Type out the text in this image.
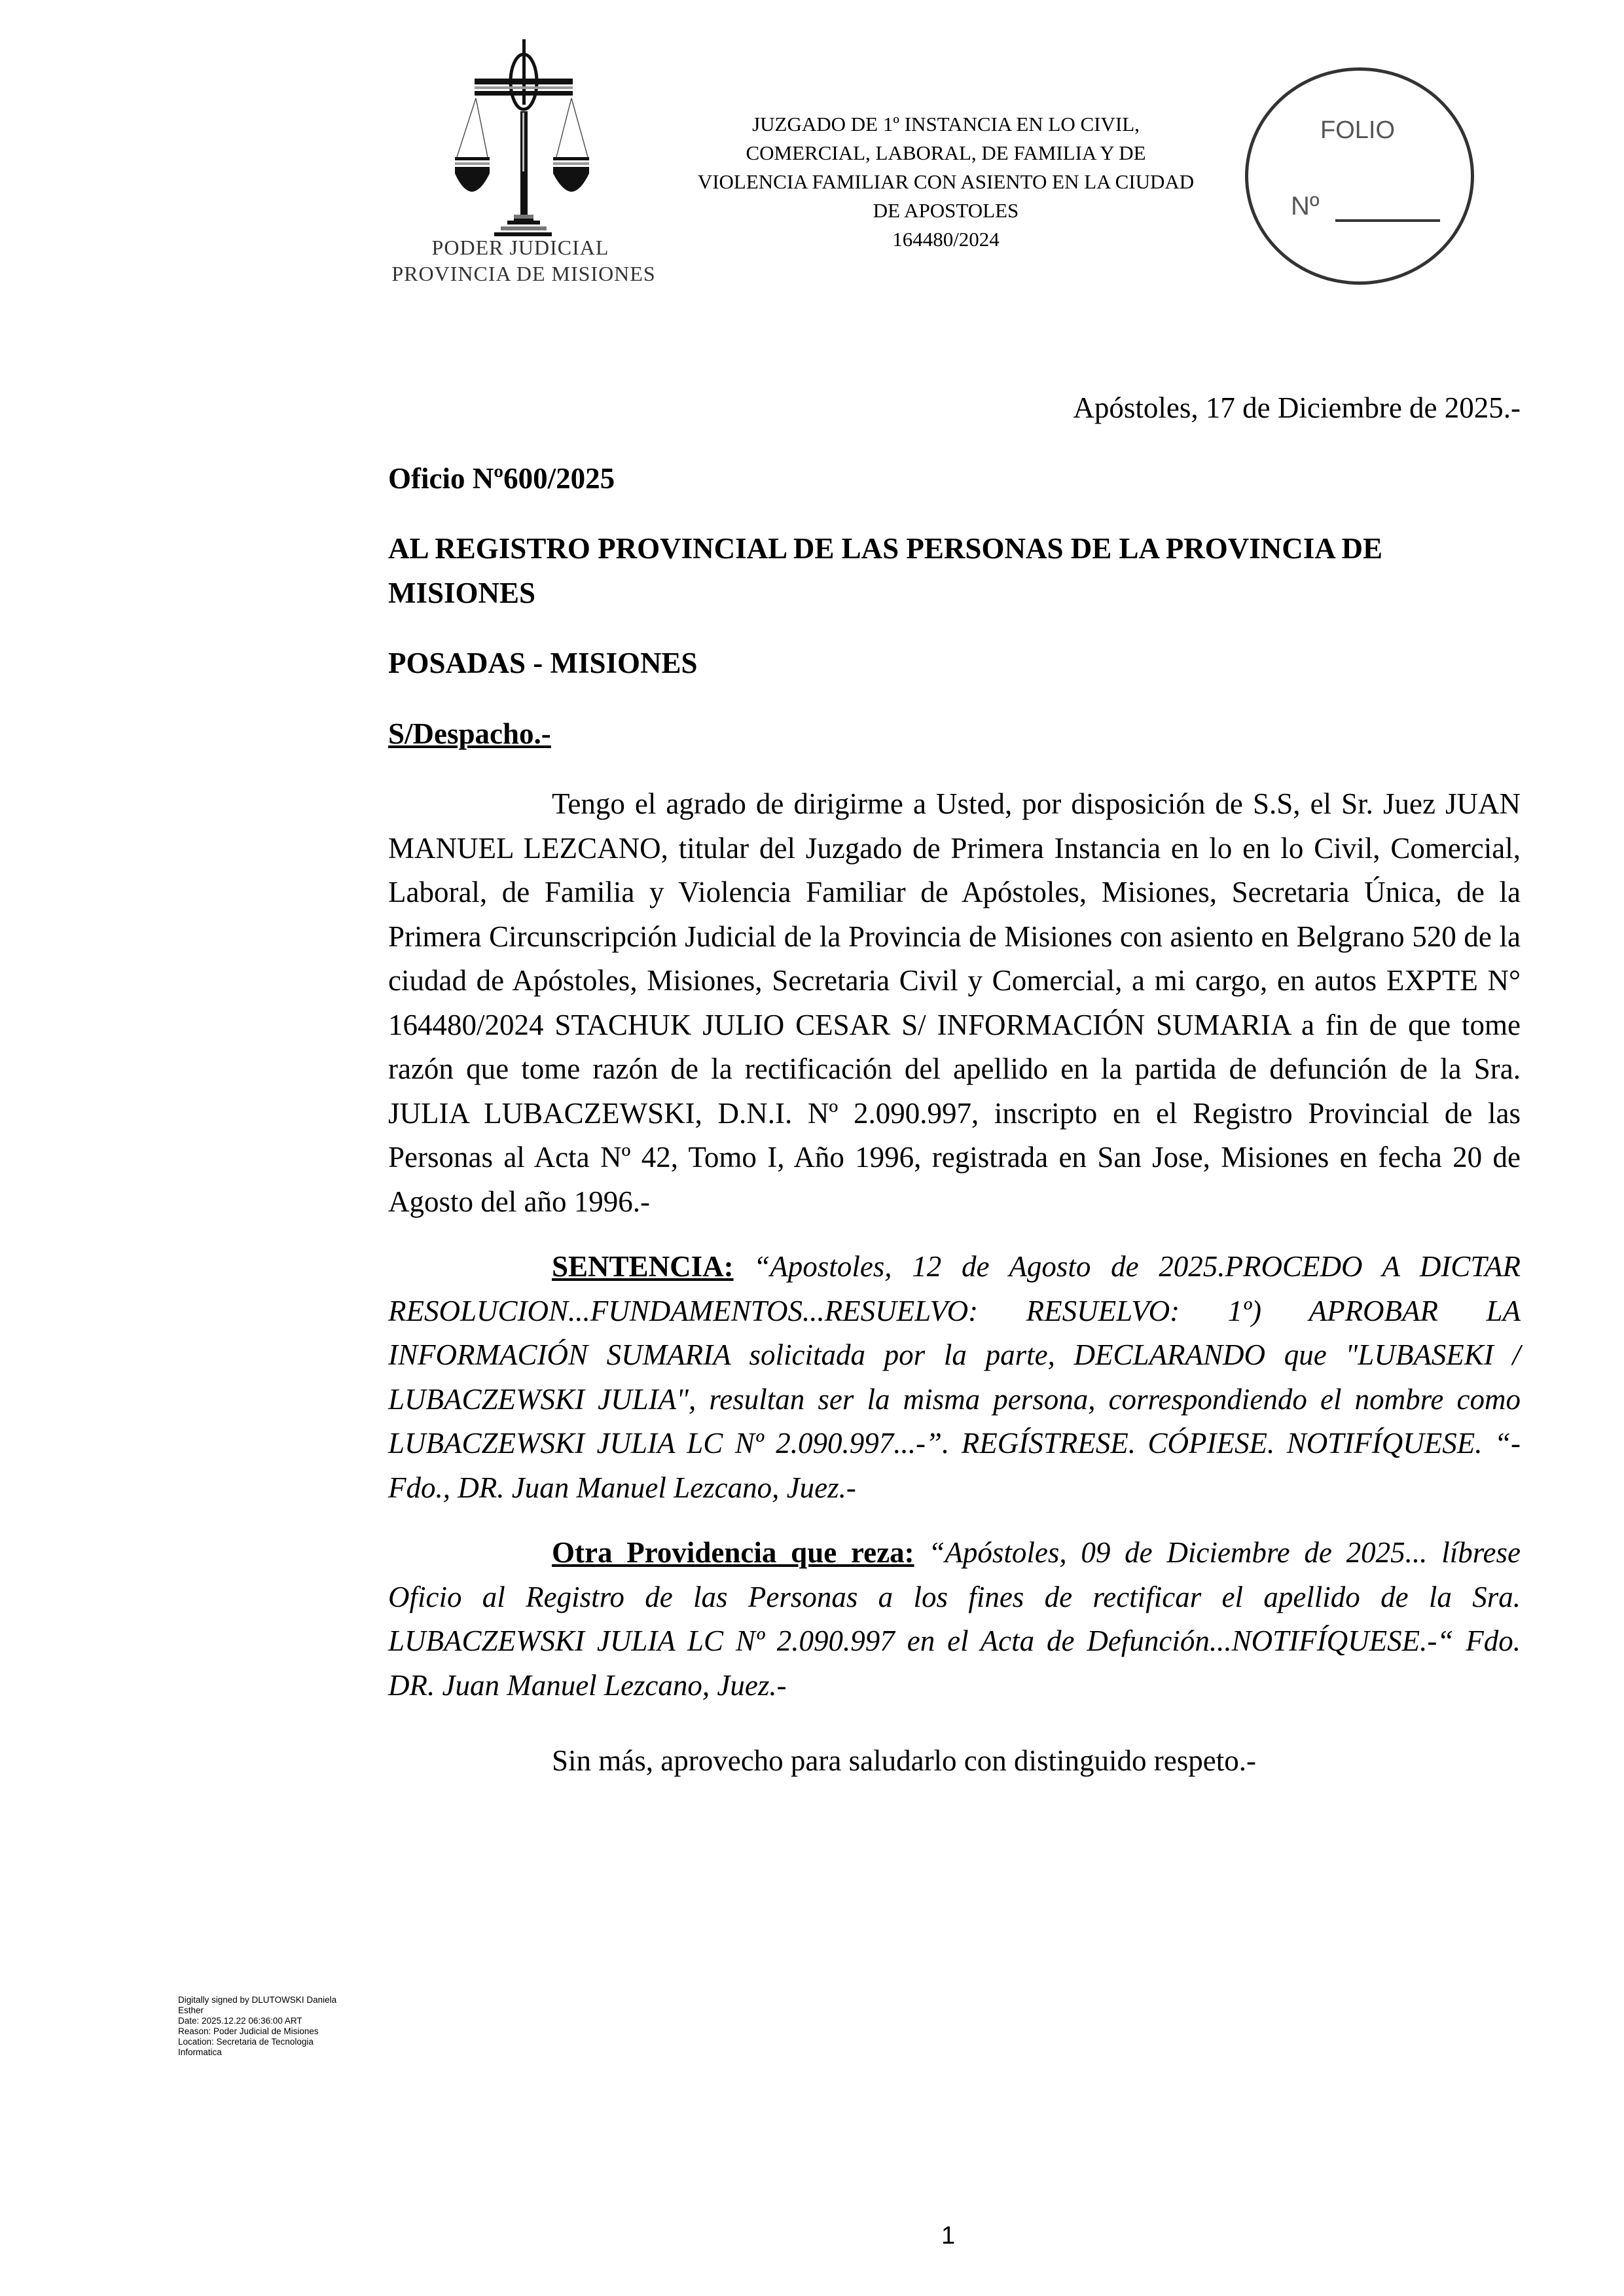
PODER JUDICIAL
PROVINCIA DE MISIONES
JUZGADO DE 1º INSTANCIA EN LO CIVIL,
COMERCIAL, LABORAL, DE FAMILIA Y DE
VIOLENCIA FAMILIAR CON ASIENTO EN LA CIUDAD
DE APOSTOLES
164480/2024
FOLIO
Nº
Apóstoles, 17 de Diciembre de 2025.-
Oficio Nº600/2025
AL REGISTRO PROVINCIAL DE LAS PERSONAS DE LA PROVINCIA DE MISIONES
POSADAS - MISIONES
S/Despacho.-

Tengo el agrado de dirigirme a Usted, por disposición de S.S, el Sr. Juez JUAN MANUEL LEZCANO, titular del Juzgado de Primera Instancia en lo en lo Civil, Comercial, Laboral, de Familia y Violencia Familiar de Apóstoles, Misiones, Secretaria Única, de la Primera Circunscripción Judicial de la Provincia de Misiones con asiento en Belgrano 520 de la ciudad de Apóstoles, Misiones, Secretaria Civil y Comercial, a mi cargo, en autos EXPTE N° 164480/2024 STACHUK JULIO CESAR S/ INFORMACIÓN SUMARIA a fin de que tome razón que tome razón de la rectificación del apellido en la partida de defunción de la Sra. JULIA LUBACZEWSKI, D.N.I. Nº 2.090.997, inscripto en el Registro Provincial de las Personas al Acta Nº 42, Tomo I, Año 1996, registrada en San Jose, Misiones en fecha 20 de Agosto del año 1996.-

SENTENCIA: “Apostoles, 12 de Agosto de 2025.PROCEDO A DICTAR RESOLUCION...FUNDAMENTOS...RESUELVO: RESUELVO: 1º) APROBAR LA INFORMACIÓN SUMARIA solicitada por la parte, DECLARANDO que "LUBASEKI / LUBACZEWSKI JULIA", resultan ser la misma persona, correspondiendo el nombre como LUBACZEWSKI JULIA LC Nº 2.090.997...-”. REGÍSTRESE. CÓPIESE. NOTIFÍQUESE. “- Fdo., DR. Juan Manuel Lezcano, Juez.-

Otra Providencia que reza: “Apóstoles, 09 de Diciembre de 2025... líbrese Oficio al Registro de las Personas a los fines de rectificar el apellido de la Sra. LUBACZEWSKI JULIA LC Nº 2.090.997 en el Acta de Defunción...NOTIFÍQUESE.-“ Fdo. DR. Juan Manuel Lezcano, Juez.-

Sin más, aprovecho para saludarlo con distinguido respeto.-

Digitally signed by DLUTOWSKI Daniela
Esther
Date: 2025.12.22 06:36:00 ART
Reason: Poder Judicial de Misiones
Location: Secretaria de Tecnologia
Informatica
1
